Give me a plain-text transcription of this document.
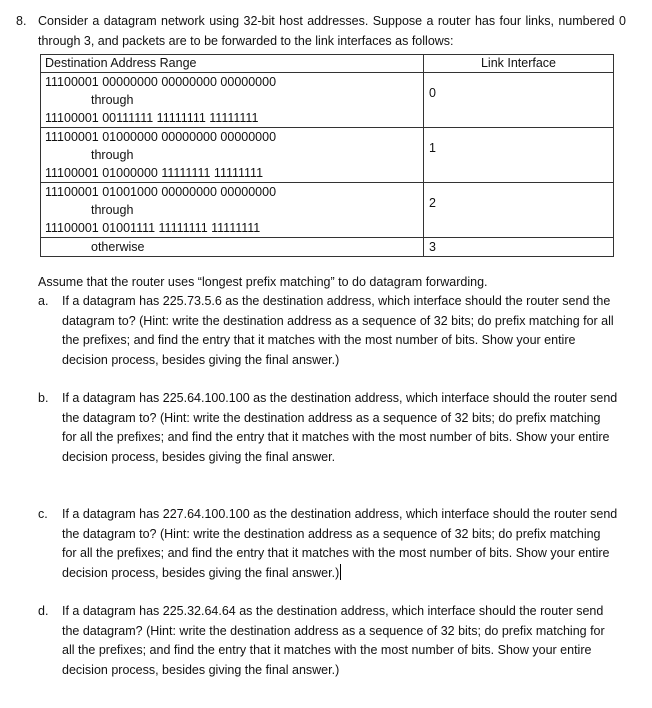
8. Consider a datagram network using 32-bit host addresses. Suppose a router has four links, numbered 0 through 3, and packets are to be forwarded to the link interfaces as follows:
Destination Address Range	Link Interface

11100001 00000000 00000000 00000000
through
11100001 00111111 11111111 11111111	0

11100001 01000000 00000000 00000000
through
11100001 01000000 11111111 11111111	1

11100001 01001000 00000000 00000000
through
11100001 01001111 11111111 11111111	2

otherwise	3
Assume that the router uses “longest prefix matching” to do datagram forwarding.
a. If a datagram has 225.73.5.6 as the destination address, which interface should the router send the datagram to? (Hint: write the destination address as a sequence of 32 bits; do prefix matching for all the prefixes; and find the entry that it matches with the most number of bits. Show your entire decision process, besides giving the final answer.)
b. If a datagram has 225.64.100.100 as the destination address, which interface should the router send the datagram to? (Hint: write the destination address as a sequence of 32 bits; do prefix matching for all the prefixes; and find the entry that it matches with the most number of bits. Show your entire decision process, besides giving the final answer.
c. If a datagram has 227.64.100.100 as the destination address, which interface should the router send the datagram to? (Hint: write the destination address as a sequence of 32 bits; do prefix matching for all the prefixes; and find the entry that it matches with the most number of bits. Show your entire decision process, besides giving the final answer.)
d. If a datagram has 225.32.64.64 as the destination address, which interface should the router send the datagram? (Hint: write the destination address as a sequence of 32 bits; do prefix matching for all the prefixes; and find the entry that it matches with the most number of bits. Show your entire decision process, besides giving the final answer.)
